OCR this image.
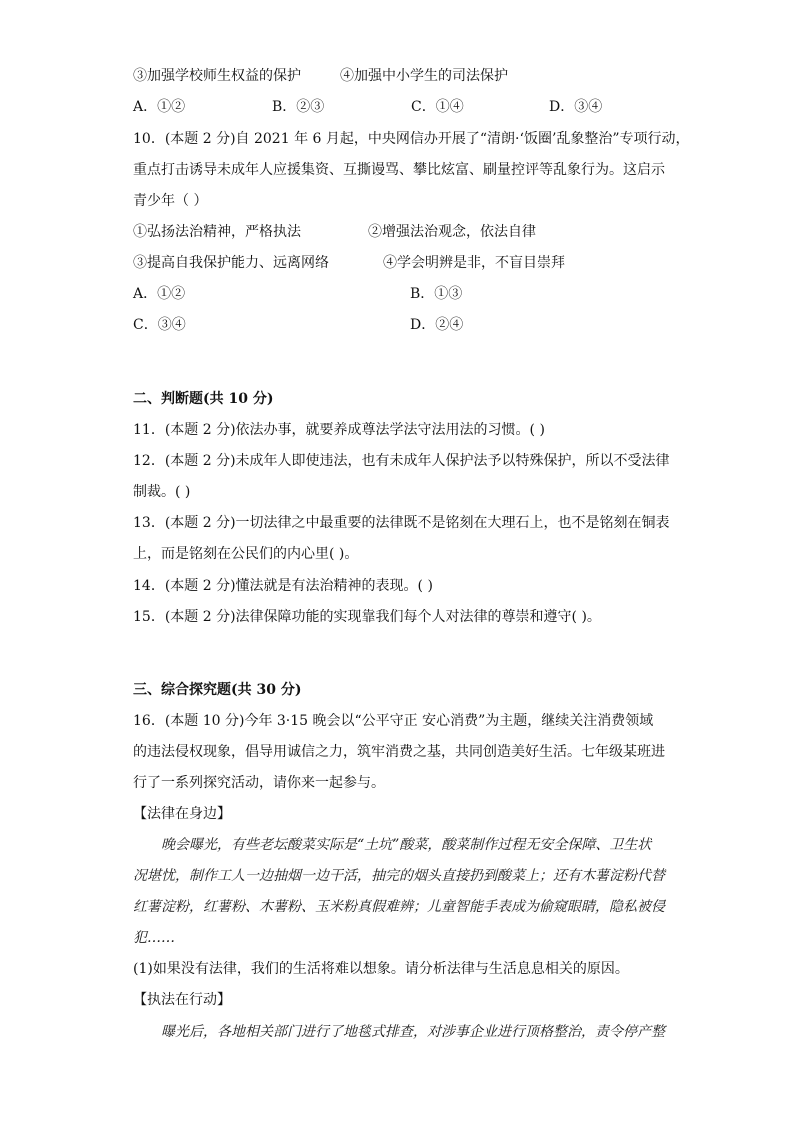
③加强学校师生权益的保护	④加强中小学生的司法保护
A．①②	B．②③	C．①④	D．③④
10．(本题 2 分)自 2021 年 6 月起，中央网信办开展了“清朗·‘饭圈’乱象整治”专项行动，
重点打击诱导未成年人应援集资、互撕谩骂、攀比炫富、刷量控评等乱象行为。这启示
青少年（ ）
①弘扬法治精神，严格执法	②增强法治观念，依法自律
③提高自我保护能力、远离网络	④学会明辨是非，不盲目崇拜
A．①②	B．①③
C．③④	D．②④
二、判断题(共 10 分)
11．(本题 2 分)依法办事，就要养成尊法学法守法用法的习惯。( )
12．(本题 2 分)未成年人即使违法，也有未成年人保护法予以特殊保护，所以不受法律
制裁。( )
13．(本题 2 分)一切法律之中最重要的法律既不是铭刻在大理石上，也不是铭刻在铜表
上，而是铭刻在公民们的内心里( )。
14．(本题 2 分)懂法就是有法治精神的表现。( )
15．(本题 2 分)法律保障功能的实现靠我们每个人对法律的尊崇和遵守( )。
三、综合探究题(共 30 分)
16．(本题 10 分)今年 3·15 晚会以“公平守正 安心消费”为主题，继续关注消费领域
的违法侵权现象，倡导用诚信之力，筑牢消费之基，共同创造美好生活。七年级某班进
行了一系列探究活动，请你来一起参与。
【法律在身边】
晚会曝光，有些老坛酸菜实际是“土坑”酸菜，酸菜制作过程无安全保障、卫生状
况堪忧，制作工人一边抽烟一边干活，抽完的烟头直接扔到酸菜上；还有木薯淀粉代替
红薯淀粉，红薯粉、木薯粉、玉米粉真假难辨；儿童智能手表成为偷窥眼睛，隐私被侵
犯……
(1)如果没有法律，我们的生活将难以想象。请分析法律与生活息息相关的原因。
【执法在行动】
曝光后，各地相关部门进行了地毯式排查，对涉事企业进行顶格整治，责令停产整
